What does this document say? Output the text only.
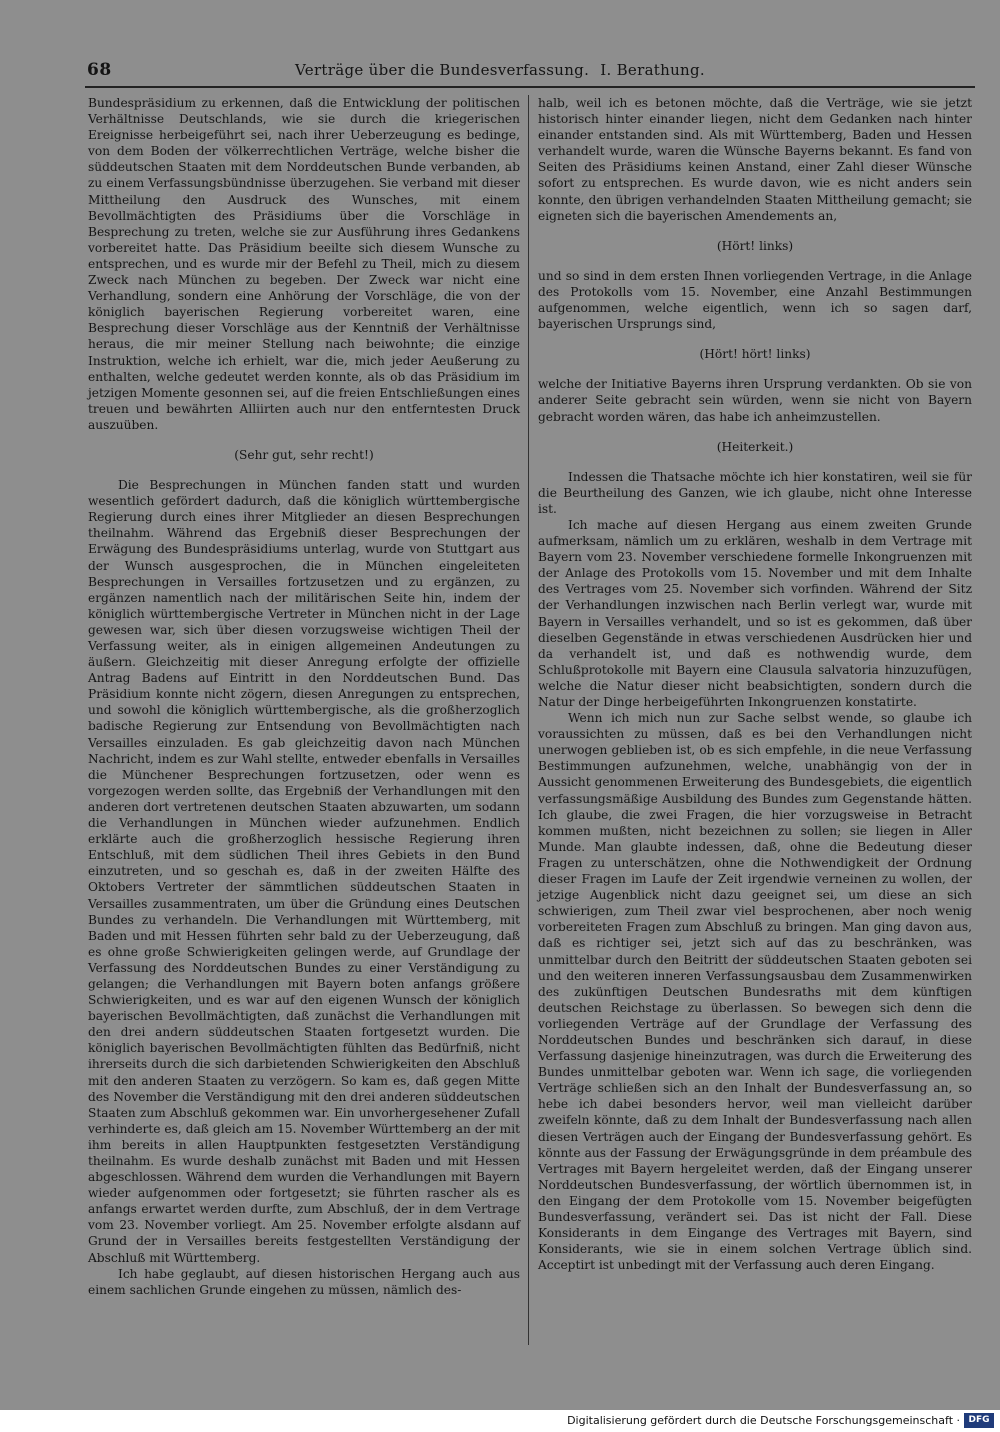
68	Verträge über die Bundesverfassung. I. Berathung.

Bundespräsidium zu erkennen, daß die Entwicklung der politischen Verhältnisse Deutschlands, wie sie durch die kriegerischen Ereignisse herbeigeführt sei, nach ihrer Ueberzeugung es bedinge, von dem Boden der völkerrechtlichen Verträge, welche bisher die süddeutschen Staaten mit dem Norddeutschen Bunde verbanden, ab zu einem Verfassungsbündnisse überzugehen. Sie verband mit dieser Mittheilung den Ausdruck des Wunsches, mit einem Bevollmächtigten des Präsidiums über die Vorschläge in Besprechung zu treten, welche sie zur Ausführung ihres Gedankens vorbereitet hatte. Das Präsidium beeilte sich diesem Wunsche zu entsprechen, und es wurde mir der Befehl zu Theil, mich zu diesem Zweck nach München zu begeben. Der Zweck war nicht eine Verhandlung, sondern eine Anhörung der Vorschläge, die von der königlich bayerischen Regierung vorbereitet waren, eine Besprechung dieser Vorschläge aus der Kenntniß der Verhältnisse heraus, die mir meiner Stellung nach beiwohnte; die einzige Instruktion, welche ich erhielt, war die, mich jeder Aeußerung zu enthalten, welche gedeutet werden konnte, als ob das Präsidium im jetzigen Momente gesonnen sei, auf die freien Entschließungen eines treuen und bewährten Alliirten auch nur den entferntesten Druck auszuüben.

(Sehr gut, sehr recht!)

Die Besprechungen in München fanden statt und wurden wesentlich gefördert dadurch, daß die königlich württembergische Regierung durch eines ihrer Mitglieder an diesen Besprechungen theilnahm. Während das Ergebniß dieser Besprechungen der Erwägung des Bundespräsidiums unterlag, wurde von Stuttgart aus der Wunsch ausgesprochen, die in München eingeleiteten Besprechungen in Versailles fortzusetzen und zu ergänzen, zu ergänzen namentlich nach der militärischen Seite hin, indem der königlich württembergische Vertreter in München nicht in der Lage gewesen war, sich über diesen vorzugsweise wichtigen Theil der Verfassung weiter, als in einigen allgemeinen Andeutungen zu äußern. Gleichzeitig mit dieser Anregung erfolgte der offizielle Antrag Badens auf Eintritt in den Norddeutschen Bund. Das Präsidium konnte nicht zögern, diesen Anregungen zu entsprechen, und sowohl die königlich württembergische, als die großherzoglich badische Regierung zur Entsendung von Bevollmächtigten nach Versailles einzuladen. Es gab gleichzeitig davon nach München Nachricht, indem es zur Wahl stellte, entweder ebenfalls in Versailles die Münchener Besprechungen fortzusetzen, oder wenn es vorgezogen werden sollte, das Ergebniß der Verhandlungen mit den anderen dort vertretenen deutschen Staaten abzuwarten, um sodann die Verhandlungen in München wieder aufzunehmen. Endlich erklärte auch die großherzoglich hessische Regierung ihren Entschluß, mit dem südlichen Theil ihres Gebiets in den Bund einzutreten, und so geschah es, daß in der zweiten Hälfte des Oktobers Vertreter der sämmtlichen süddeutschen Staaten in Versailles zusammentraten, um über die Gründung eines Deutschen Bundes zu verhandeln. Die Verhandlungen mit Württemberg, mit Baden und mit Hessen führten sehr bald zu der Ueberzeugung, daß es ohne große Schwierigkeiten gelingen werde, auf Grundlage der Verfassung des Norddeutschen Bundes zu einer Verständigung zu gelangen; die Verhandlungen mit Bayern boten anfangs größere Schwierigkeiten, und es war auf den eigenen Wunsch der königlich bayerischen Bevollmächtigten, daß zunächst die Verhandlungen mit den drei andern süddeutschen Staaten fortgesetzt wurden. Die königlich bayerischen Bevollmächtigten fühlten das Bedürfniß, nicht ihrerseits durch die sich darbietenden Schwierigkeiten den Abschluß mit den anderen Staaten zu verzögern. So kam es, daß gegen Mitte des November die Verständigung mit den drei anderen süddeutschen Staaten zum Abschluß gekommen war. Ein unvorhergesehener Zufall verhinderte es, daß gleich am 15. November Württemberg an der mit ihm bereits in allen Hauptpunkten festgesetzten Verständigung theilnahm. Es wurde deshalb zunächst mit Baden und mit Hessen abgeschlossen. Während dem wurden die Verhandlungen mit Bayern wieder aufgenommen oder fortgesetzt; sie führten rascher als es anfangs erwartet werden durfte, zum Abschluß, der in dem Vertrage vom 23. November vorliegt. Am 25. November erfolgte alsdann auf Grund der in Versailles bereits festgestellten Verständigung der Abschluß mit Württemberg.

Ich habe geglaubt, auf diesen historischen Hergang auch aus einem sachlichen Grunde eingehen zu müssen, nämlich des-

halb, weil ich es betonen möchte, daß die Verträge, wie sie jetzt historisch hinter einander liegen, nicht dem Gedanken nach hinter einander entstanden sind. Als mit Württemberg, Baden und Hessen verhandelt wurde, waren die Wünsche Bayerns bekannt. Es fand von Seiten des Präsidiums keinen Anstand, einer Zahl dieser Wünsche sofort zu entsprechen. Es wurde davon, wie es nicht anders sein konnte, den übrigen verhandelnden Staaten Mittheilung gemacht; sie eigneten sich die bayerischen Amendements an,

(Hört! links)

und so sind in dem ersten Ihnen vorliegenden Vertrage, in die Anlage des Protokolls vom 15. November, eine Anzahl Bestimmungen aufgenommen, welche eigentlich, wenn ich so sagen darf, bayerischen Ursprungs sind,

(Hört! hört! links)

welche der Initiative Bayerns ihren Ursprung verdankten. Ob sie von anderer Seite gebracht sein würden, wenn sie nicht von Bayern gebracht worden wären, das habe ich anheimzustellen.

(Heiterkeit.)

Indessen die Thatsache möchte ich hier konstatiren, weil sie für die Beurtheilung des Ganzen, wie ich glaube, nicht ohne Interesse ist.

Ich mache auf diesen Hergang aus einem zweiten Grunde aufmerksam, nämlich um zu erklären, weshalb in dem Vertrage mit Bayern vom 23. November verschiedene formelle Inkongruenzen mit der Anlage des Protokolls vom 15. November und mit dem Inhalte des Vertrages vom 25. November sich vorfinden. Während der Sitz der Verhandlungen inzwischen nach Berlin verlegt war, wurde mit Bayern in Versailles verhandelt, und so ist es gekommen, daß über dieselben Gegenstände in etwas verschiedenen Ausdrücken hier und da verhandelt ist, und daß es nothwendig wurde, dem Schlußprotokolle mit Bayern eine Clausula salvatoria hinzuzufügen, welche die Natur dieser nicht beabsichtigten, sondern durch die Natur der Dinge herbeigeführten Inkongruenzen konstatirte.

Wenn ich mich nun zur Sache selbst wende, so glaube ich voraussichten zu müssen, daß es bei den Verhandlungen nicht unerwogen geblieben ist, ob es sich empfehle, in die neue Verfassung Bestimmungen aufzunehmen, welche, unabhängig von der in Aussicht genommenen Erweiterung des Bundesgebiets, die eigentlich verfassungsmäßige Ausbildung des Bundes zum Gegenstande hätten. Ich glaube, die zwei Fragen, die hier vorzugsweise in Betracht kommen mußten, nicht bezeichnen zu sollen; sie liegen in Aller Munde. Man glaubte indessen, daß, ohne die Bedeutung dieser Fragen zu unterschätzen, ohne die Nothwendigkeit der Ordnung dieser Fragen im Laufe der Zeit irgendwie verneinen zu wollen, der jetzige Augenblick nicht dazu geeignet sei, um diese an sich schwierigen, zum Theil zwar viel besprochenen, aber noch wenig vorbereiteten Fragen zum Abschluß zu bringen. Man ging davon aus, daß es richtiger sei, jetzt sich auf das zu beschränken, was unmittelbar durch den Beitritt der süddeutschen Staaten geboten sei und den weiteren inneren Verfassungsausbau dem Zusammenwirken des zukünftigen Deutschen Bundesraths mit dem künftigen deutschen Reichstage zu überlassen. So bewegen sich denn die vorliegenden Verträge auf der Grundlage der Verfassung des Norddeutschen Bundes und beschränken sich darauf, in diese Verfassung dasjenige hineinzutragen, was durch die Erweiterung des Bundes unmittelbar geboten war. Wenn ich sage, die vorliegenden Verträge schließen sich an den Inhalt der Bundesverfassung an, so hebe ich dabei besonders hervor, weil man vielleicht darüber zweifeln könnte, daß zu dem Inhalt der Bundesverfassung nach allen diesen Verträgen auch der Eingang der Bundesverfassung gehört. Es könnte aus der Fassung der Erwägungsgründe in dem préambule des Vertrages mit Bayern hergeleitet werden, daß der Eingang unserer Norddeutschen Bundesverfassung, der wörtlich übernommen ist, in den Eingang der dem Protokolle vom 15. November beigefügten Bundesverfassung, verändert sei. Das ist nicht der Fall. Diese Konsiderants in dem Eingange des Vertrages mit Bayern, sind Konsiderants, wie sie in einem solchen Vertrage üblich sind. Acceptirt ist unbedingt mit der Verfassung auch deren Eingang.

Digitalisierung gefördert durch die Deutsche Forschungsgemeinschaft · DFG
